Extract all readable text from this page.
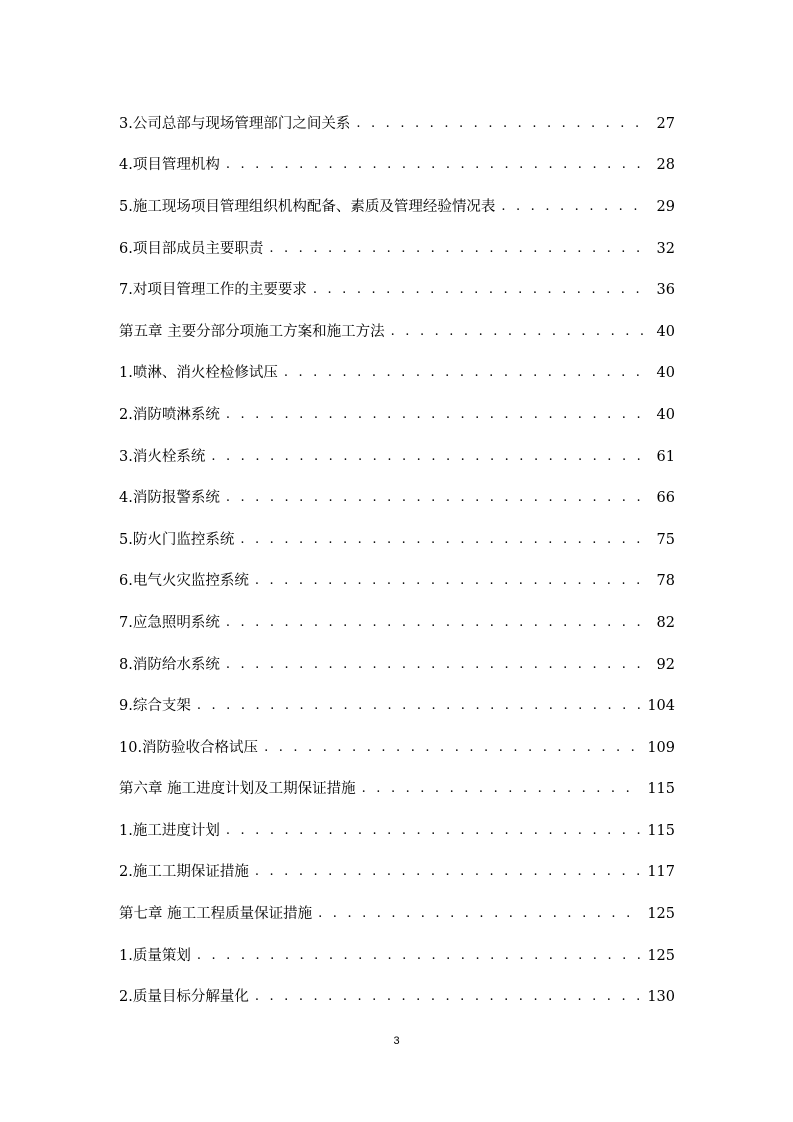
3.公司总部与现场管理部门之间关系 . . .	27
4.项目管理机构 . . .	28
5.施工现场项目管理组织机构配备、素质及管理经验情况表 . . .	29
6.项目部成员主要职责 . . .	32
7.对项目管理工作的主要要求 . . .	36
第五章 主要分部分项施工方案和施工方法 . . .	40
1.喷淋、消火栓检修试压 . . .	40
2.消防喷淋系统 . . .	40
3.消火栓系统 . . .	61
4.消防报警系统 . . .	66
5.防火门监控系统 . . .	75
6.电气火灾监控系统 . . .	78
7.应急照明系统 . . .	82
8.消防给水系统 . . .	92
9.综合支架 . . .	104
10.消防验收合格试压 . . .	109
第六章 施工进度计划及工期保证措施 . . .	115
1.施工进度计划 . . .	115
2.施工工期保证措施 . . .	117
第七章 施工工程质量保证措施 . . .	125
1.质量策划 . . .	125
2.质量目标分解量化 . . .	130
3
